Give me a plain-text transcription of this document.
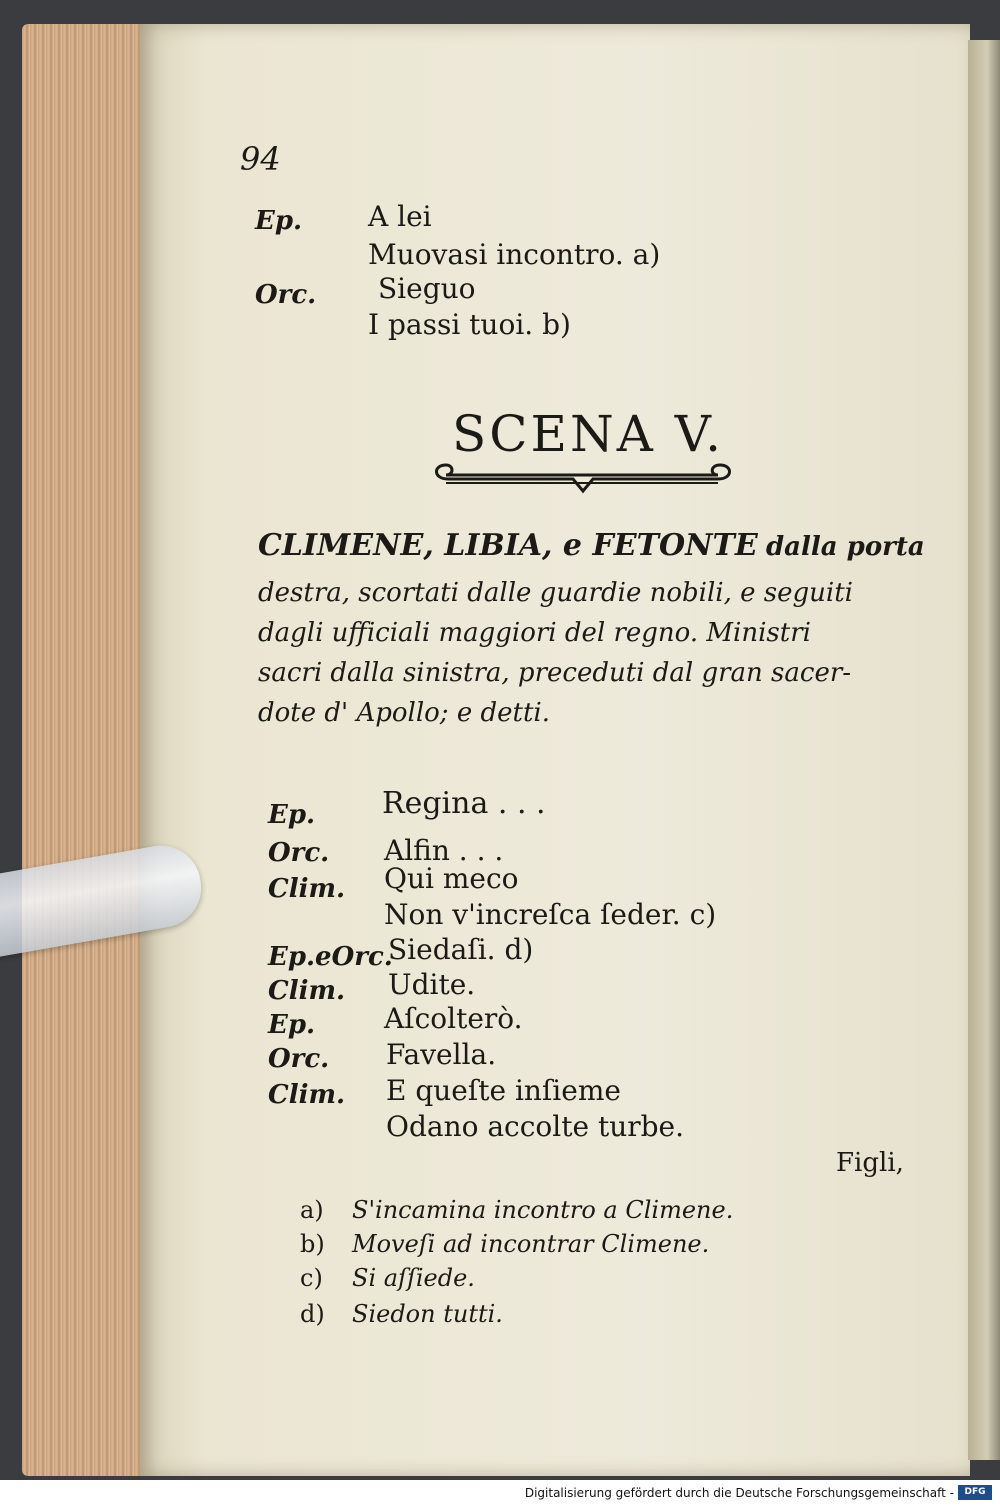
94
Ep. A lei
Muovasi incontro. a)
Orc. Sieguo
I passi tuoi. b)
SCENA V.
CLIMENE, LIBIA, e FETONTE dalla porta
destra, scortati dalle guardie nobili, e seguiti
dagli ufficiali maggiori del regno. Ministri
sacri dalla sinistra, preceduti dal gran sacer-
dote d' Apollo; e detti.
Ep. Regina . . .
Orc. Alfin . . .
Clim. Qui meco
Non v'increſca ſeder. c)
Ep.eOrc.
Siedaſi. d)
Clim. Udite.
Ep. Aſcolterò.
Orc. Favella.
Clim. E queſte inſieme
Odano accolte turbe.
Figli,
a) S'incamina incontro a Climene.
b) Moveſi ad incontrar Climene.
c) Si aſſiede.
d) Siedon tutti.
Digitalisierung gefördert durch die Deutsche Forschungsgemeinschaft -	DFG
